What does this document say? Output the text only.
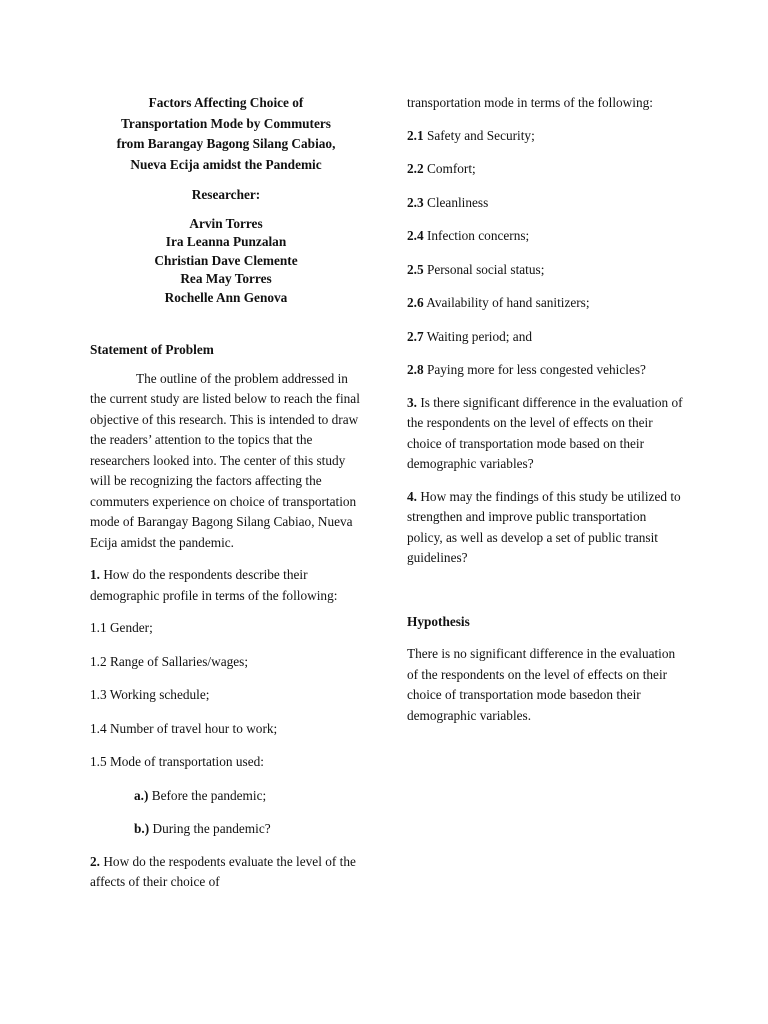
Factors Affecting Choice of
Transportation Mode by Commuters
from Barangay Bagong Silang Cabiao,
Nueva Ecija amidst the Pandemic

Researcher:

Arvin Torres
Ira Leanna Punzalan
Christian Dave Clemente
Rea May Torres
Rochelle Ann Genova

Statement of Problem

The outline of the problem addressed in the current study are listed below to reach the final objective of this research. This is intended to draw the readers’ attention to the topics that the researchers looked into. The center of this study will be recognizing the factors affecting the commuters experience on choice of transportation mode of Barangay Bagong Silang Cabiao, Nueva Ecija amidst the pandemic.

1. How do the respondents describe their demographic profile in terms of the following:

1.1 Gender;

1.2 Range of Sallaries/wages;

1.3 Working schedule;

1.4 Number of travel hour to work;

1.5 Mode of transportation used:

a.) Before the pandemic;

b.) During the pandemic?

2. How do the respodents evaluate the level of the affects of their choice of

transportation mode in terms of the following:

2.1 Safety and Security;

2.2 Comfort;

2.3 Cleanliness

2.4 Infection concerns;

2.5 Personal social status;

2.6 Availability of hand sanitizers;

2.7 Waiting period; and

2.8 Paying more for less congested vehicles?

3. Is there significant difference in the evaluation of the respondents on the level of effects on their choice of transportation mode based on their demographic variables?

4. How may the findings of this study be utilized to strengthen and improve public transportation policy, as well as develop a set of public transit guidelines?

Hypothesis

There is no significant difference in the evaluation of the respondents on the level of effects on their choice of transportation mode basedon their demographic variables.
